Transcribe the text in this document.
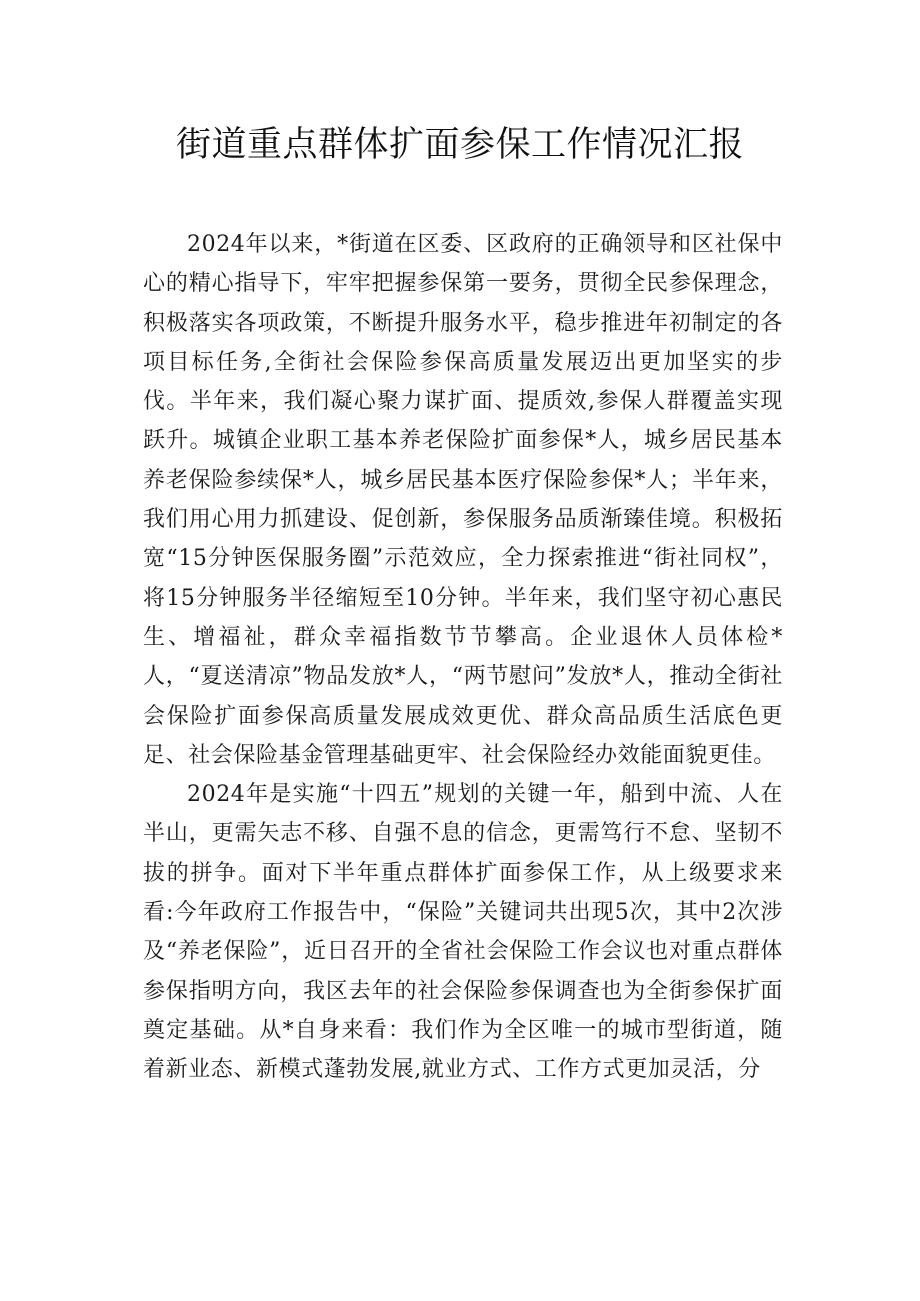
街道重点群体扩面参保工作情况汇报

2024年以来，*街道在区委、区政府的正确领导和区社保中心的精心指导下，牢牢把握参保第一要务，贯彻全民参保理念，积极落实各项政策，不断提升服务水平，稳步推进年初制定的各项目标任务,全街社会保险参保高质量发展迈出更加坚实的步伐。半年来，我们凝心聚力谋扩面、提质效,参保人群覆盖实现跃升。城镇企业职工基本养老保险扩面参保*人，城乡居民基本养老保险参续保*人，城乡居民基本医疗保险参保*人；半年来，我们用心用力抓建设、促创新，参保服务品质渐臻佳境。积极拓宽“15分钟医保服务圈”示范效应，全力探索推进“街社同权”，将15分钟服务半径缩短至10分钟。半年来，我们坚守初心惠民生、增福祉，群众幸福指数节节攀高。企业退休人员体检*人，“夏送清凉”物品发放*人，“两节慰问”发放*人，推动全街社会保险扩面参保高质量发展成效更优、群众高品质生活底色更足、社会保险基金管理基础更牢、社会保险经办效能面貌更佳。

2024年是实施“十四五”规划的关键一年，船到中流、人在半山，更需矢志不移、自强不息的信念，更需笃行不怠、坚韧不拔的拼争。面对下半年重点群体扩面参保工作，从上级要求来看:今年政府工作报告中，“保险”关键词共出现5次，其中2次涉及“养老保险”，近日召开的全省社会保险工作会议也对重点群体参保指明方向，我区去年的社会保险参保调查也为全街参保扩面奠定基础。从*自身来看：我们作为全区唯一的城市型街道，随着新业态、新模式蓬勃发展,就业方式、工作方式更加灵活，分
